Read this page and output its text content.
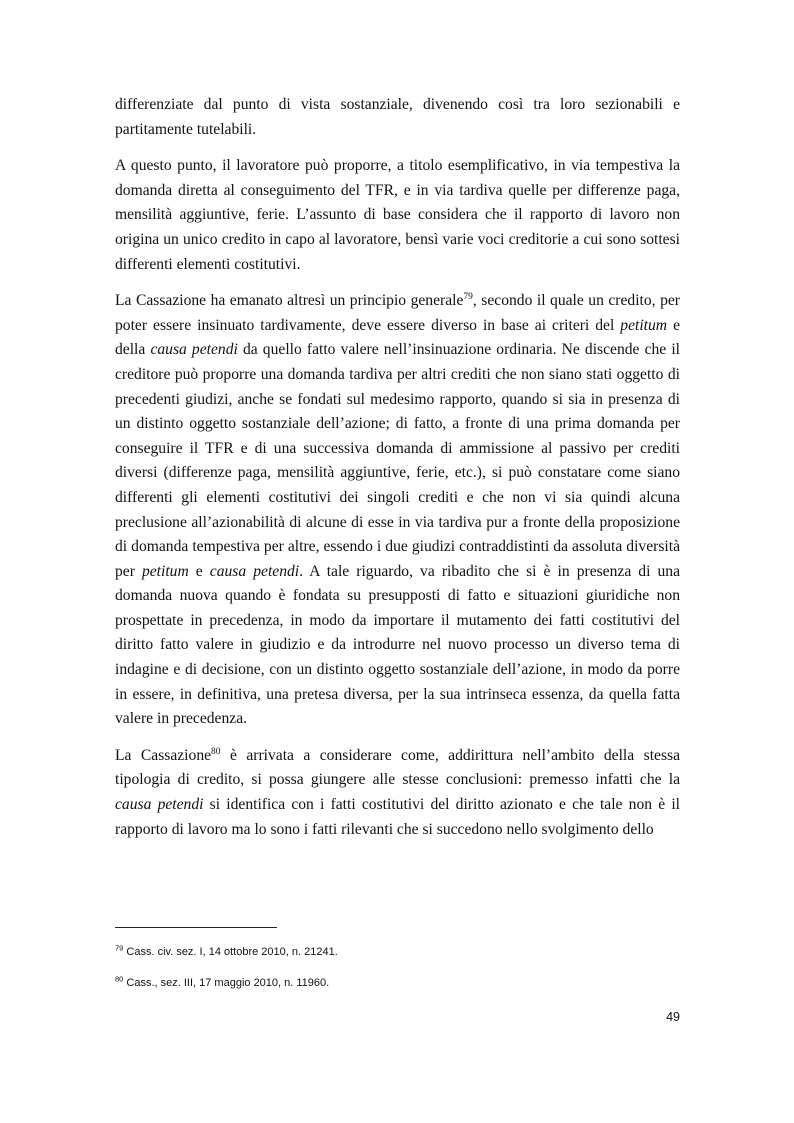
differenziate dal punto di vista sostanziale, divenendo così tra loro sezionabili e partitamente tutelabili.

A questo punto, il lavoratore può proporre, a titolo esemplificativo, in via tempestiva la domanda diretta al conseguimento del TFR, e in via tardiva quelle per differenze paga, mensilità aggiuntive, ferie. L’assunto di base considera che il rapporto di lavoro non origina un unico credito in capo al lavoratore, bensì varie voci creditorie a cui sono sottesi differenti elementi costitutivi.

La Cassazione ha emanato altresì un principio generale$^{79}$, secondo il quale un credito, per poter essere insinuato tardivamente, deve essere diverso in base ai criteri del petitum e della causa petendi da quello fatto valere nell’insinuazione ordinaria. Ne discende che il creditore può proporre una domanda tardiva per altri crediti che non siano stati oggetto di precedenti giudizi, anche se fondati sul medesimo rapporto, quando si sia in presenza di un distinto oggetto sostanziale dell’azione; di fatto, a fronte di una prima domanda per conseguire il TFR e di una successiva domanda di ammissione al passivo per crediti diversi (differenze paga, mensilità aggiuntive, ferie, etc.), si può constatare come siano differenti gli elementi costitutivi dei singoli crediti e che non vi sia quindi alcuna preclusione all’azionabilità di alcune di esse in via tardiva pur a fronte della proposizione di domanda tempestiva per altre, essendo i due giudizi contraddistinti da assoluta diversità per petitum e causa petendi. A tale riguardo, va ribadito che si è in presenza di una domanda nuova quando è fondata su presupposti di fatto e situazioni giuridiche non prospettate in precedenza, in modo da importare il mutamento dei fatti costitutivi del diritto fatto valere in giudizio e da introdurre nel nuovo processo un diverso tema di indagine e di decisione, con un distinto oggetto sostanziale dell’azione, in modo da porre in essere, in definitiva, una pretesa diversa, per la sua intrinseca essenza, da quella fatta valere in precedenza.

La Cassazione$^{80}$ è arrivata a considerare come, addirittura nell’ambito della stessa tipologia di credito, si possa giungere alle stesse conclusioni: premesso infatti che la causa petendi si identifica con i fatti costitutivi del diritto azionato e che tale non è il rapporto di lavoro ma lo sono i fatti rilevanti che si succedono nello svolgimento dello

$^{79}$ Cass. civ. sez. I, 14 ottobre 2010, n. 21241.
$^{80}$ Cass., sez. III, 17 maggio 2010, n. 11960.
49
